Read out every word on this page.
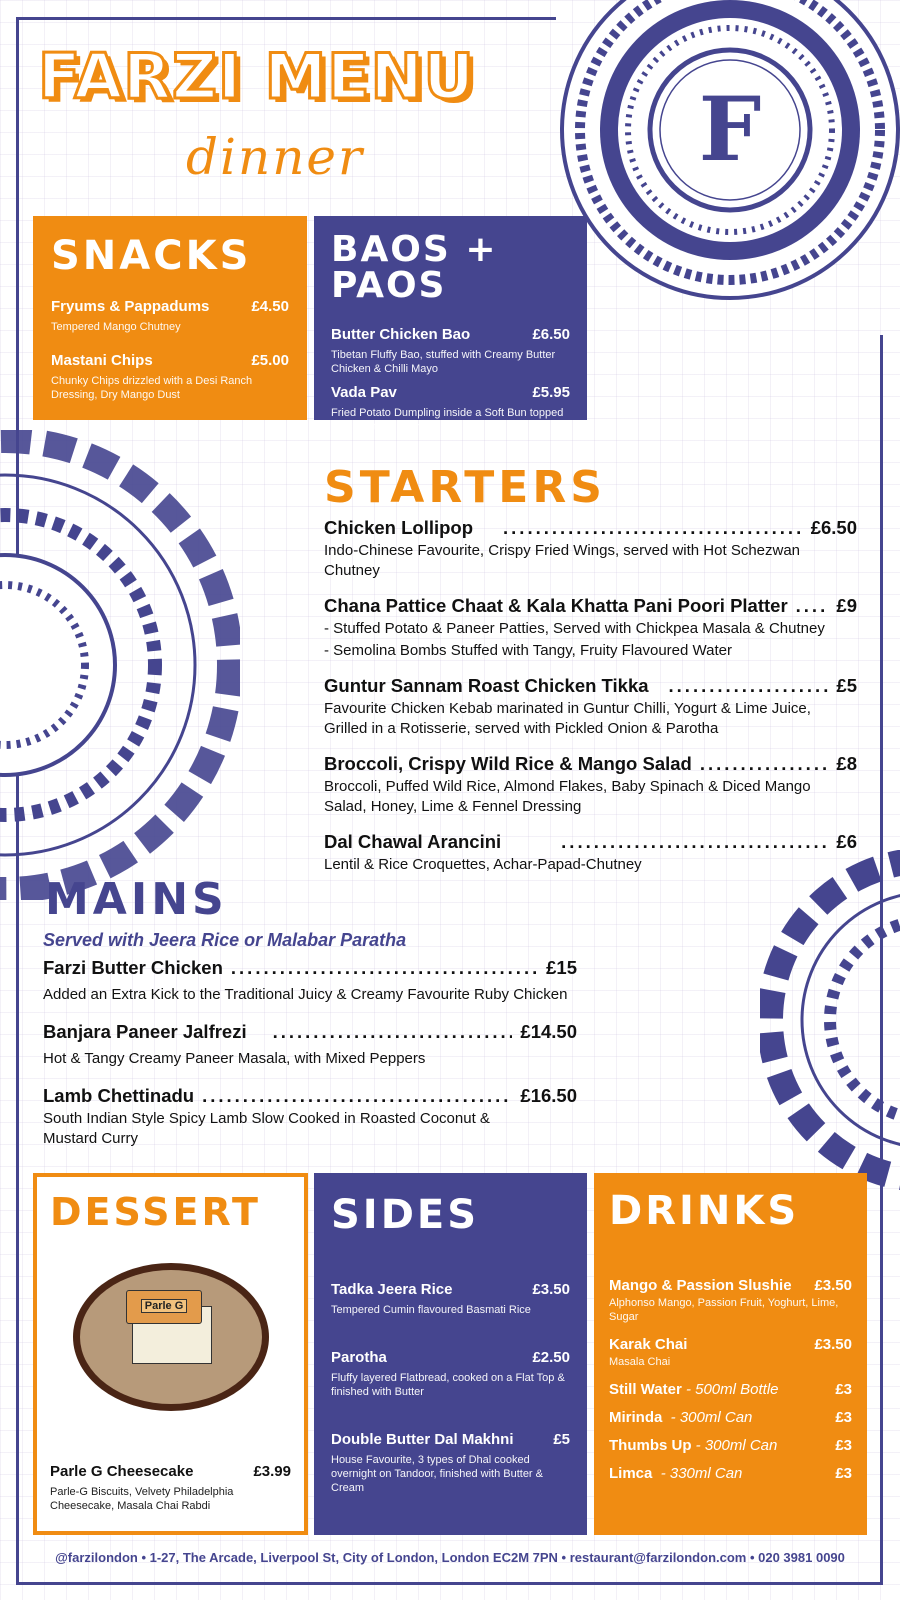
F
FARZI MENU
dinner
SNACKS
Fryums & Pappadums	£4.50
Tempered Mango Chutney
Mastani Chips	£5.00
Chunky Chips drizzled with a Desi Ranch Dressing, Dry Mango Dust
BAOS + PAOS
Butter Chicken Bao	£6.50
Tibetan Fluffy Bao, stuffed with Creamy Butter Chicken & Chilli Mayo
Vada Pav	£5.95
Fried Potato Dumpling inside a Soft Bun topped with Chutney & Crispy Bits
STARTERS
Chicken Lollipop .....	£6.50
Indo-Chinese Favourite, Crispy Fried Wings, served with Hot Schezwan Chutney
Chana Pattice Chaat & Kala Khatta Pani Poori Platter .....	£9
- Stuffed Potato & Paneer Patties, Served with Chickpea Masala & Chutney
- Semolina Bombs Stuffed with Tangy, Fruity Flavoured Water
Guntur Sannam Roast Chicken Tikka .....	£5
Favourite Chicken Kebab marinated in Guntur Chilli, Yogurt & Lime Juice, Grilled in a Rotisserie, served with Pickled Onion & Parotha
Broccoli, Crispy Wild Rice & Mango Salad .....	£8
Broccoli, Puffed Wild Rice, Almond Flakes, Baby Spinach & Diced Mango Salad, Honey, Lime & Fennel Dressing
Dal Chawal Arancini .....	£6
Lentil & Rice Croquettes, Achar-Papad-Chutney
MAINS
Served with Jeera Rice or Malabar Paratha
Farzi Butter Chicken .....	£15
Added an Extra Kick to the Traditional Juicy & Creamy Favourite Ruby Chicken
Banjara Paneer Jalfrezi .....	£14.50
Hot & Tangy Creamy Paneer Masala, with Mixed Peppers
Lamb Chettinadu .....	£16.50
South Indian Style Spicy Lamb Slow Cooked in Roasted Coconut & Mustard Curry
DESSERT
Parle G
Parle G Cheesecake	£3.99
Parle-G Biscuits, Velvety Philadelphia Cheesecake, Masala Chai Rabdi
SIDES
Tadka Jeera Rice	£3.50
Tempered Cumin flavoured Basmati Rice
Parotha	£2.50
Fluffy layered Flatbread, cooked on a Flat Top & finished with Butter
Double Butter Dal Makhni	£5
House Favourite, 3 types of Dhal cooked overnight on Tandoor, finished with Butter & Cream
DRINKS
Mango & Passion Slushie £3.50
Alphonso Mango, Passion Fruit, Yoghurt, Lime, Sugar
Karak Chai	£3.50
Masala Chai
Still Water - 500ml Bottle	£3
Mirinda  - 300ml Can	£3
Thumbs Up - 300ml Can	£3
Limca  - 330ml Can	£3
@farzilondon • 1-27, The Arcade, Liverpool St, City of London, London EC2M 7PN • restaurant@farzilondon.com • 020 3981 0090
